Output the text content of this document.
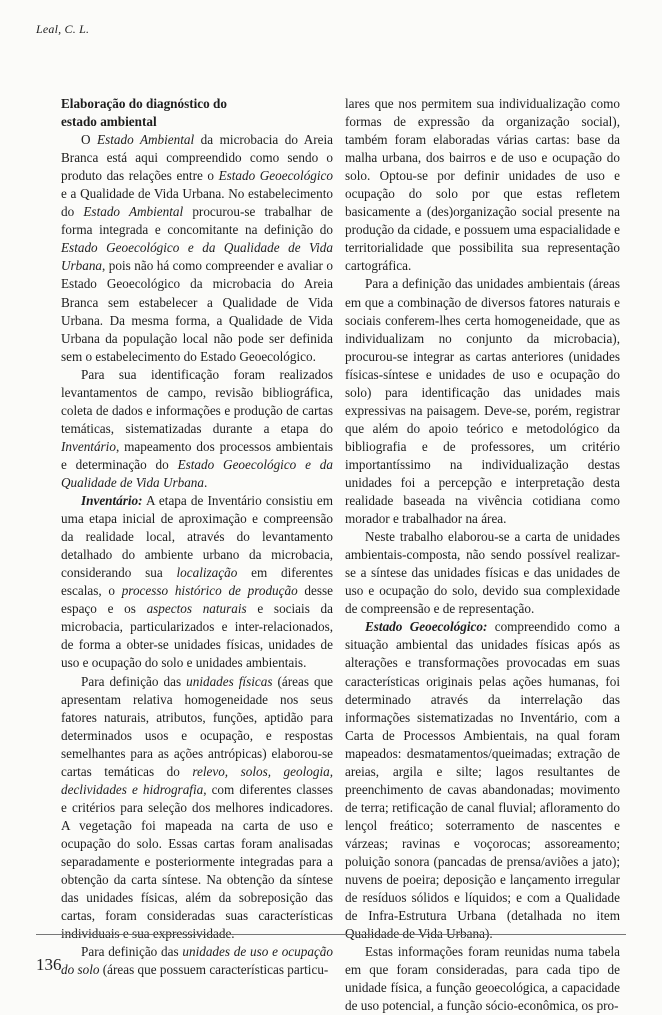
Leal, C. L.
Elaboração do diagnóstico do
estado ambiental

O Estado Ambiental da microbacia do Areia Branca está aqui compreendido como sendo o produto das relações entre o Estado Geoecológico e a Qualidade de Vida Urbana. No estabelecimento do Estado Ambiental procurou-se trabalhar de forma integrada e concomitante na definição do Estado Geoecológico e da Qualidade de Vida Urbana, pois não há como compreender e avaliar o Estado Geoecológico da microbacia do Areia Branca sem estabelecer a Qualidade de Vida Urbana. Da mesma forma, a Qualidade de Vida Urbana da população local não pode ser definida sem o estabelecimento do Estado Geoecológico.

Para sua identificação foram realizados levantamentos de campo, revisão bibliográfica, coleta de dados e informações e produção de cartas temáticas, sistematizadas durante a etapa do Inventário, mapeamento dos processos ambientais e determinação do Estado Geoecológico e da Qualidade de Vida Urbana.

Inventário: A etapa de Inventário consistiu em uma etapa inicial de aproximação e compreensão da realidade local, através do levantamento detalhado do ambiente urbano da microbacia, considerando sua localização em diferentes escalas, o processo histórico de produção desse espaço e os aspectos naturais e sociais da microbacia, particularizados e inter-relacionados, de forma a obter-se unidades físicas, unidades de uso e ocupação do solo e unidades ambientais.

Para definição das unidades físicas (áreas que apresentam relativa homogeneidade nos seus fatores naturais, atributos, funções, aptidão para determinados usos e ocupação, e respostas semelhantes para as ações antrópicas) elaborou-se cartas temáticas do relevo, solos, geologia, declividades e hidrografia, com diferentes classes e critérios para seleção dos melhores indicadores. A vegetação foi mapeada na carta de uso e ocupação do solo. Essas cartas foram analisadas separadamente e posteriormente integradas para a obtenção da carta síntese. Na obtenção da síntese das unidades físicas, além da sobreposição das cartas, foram consideradas suas características individuais e sua expressividade.

Para definição das unidades de uso e ocupação do solo (áreas que possuem características particu-

lares que nos permitem sua individualização como formas de expressão da organização social), também foram elaboradas várias cartas: base da malha urbana, dos bairros e de uso e ocupação do solo. Optou-se por definir unidades de uso e ocupação do solo por que estas refletem basicamente a (des)organização social presente na produção da cidade, e possuem uma espacialidade e territorialidade que possibilita sua representação cartográfica.

Para a definição das unidades ambientais (áreas em que a combinação de diversos fatores naturais e sociais conferem-lhes certa homogeneidade, que as individualizam no conjunto da microbacia), procurou-se integrar as cartas anteriores (unidades físicas-síntese e unidades de uso e ocupação do solo) para identificação das unidades mais expressivas na paisagem. Deve-se, porém, registrar que além do apoio teórico e metodológico da bibliografia e de professores, um critério importantíssimo na individualização destas unidades foi a percepção e interpretação desta realidade baseada na vivência cotidiana como morador e trabalhador na área.

Neste trabalho elaborou-se a carta de unidades ambientais-composta, não sendo possível realizar-se a síntese das unidades físicas e das unidades de uso e ocupação do solo, devido sua complexidade de compreensão e de representação.

Estado Geoecológico: compreendido como a situação ambiental das unidades físicas após as alterações e transformações provocadas em suas características originais pelas ações humanas, foi determinado através da interrelação das informações sistematizadas no Inventário, com a Carta de Processos Ambientais, na qual foram mapeados: desmatamentos/queimadas; extração de areias, argila e silte; lagos resultantes de preenchimento de cavas abandonadas; movimento de terra; retificação de canal fluvial; afloramento do lençol freático; soterramento de nascentes e várzeas; ravinas e voçorocas; assoreamento; poluição sonora (pancadas de prensa/aviões a jato); nuvens de poeira; deposição e lançamento irregular de resíduos sólidos e líquidos; e com a Qualidade de Infra-Estrutura Urbana (detalhada no item Qualidade de Vida Urbana).

Estas informações foram reunidas numa tabela em que foram consideradas, para cada tipo de unidade física, a função geoecológica, a capacidade de uso potencial, a função sócio-econômica, os pro-

136
